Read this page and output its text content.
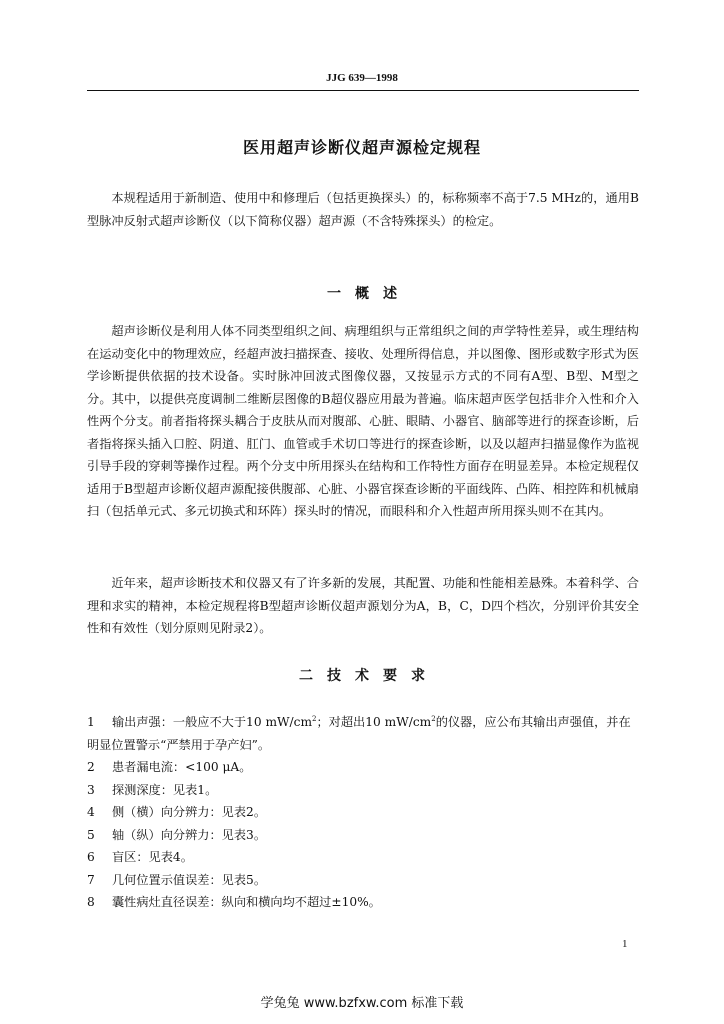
JJG 639—1998
医用超声诊断仪超声源检定规程

本规程适用于新制造、使用中和修理后（包括更换探头）的，标称频率不高于7.5 MHz的，通用B型脉冲反射式超声诊断仪（以下简称仪器）超声源（不含特殊探头）的检定。

一　概　述

超声诊断仪是利用人体不同类型组织之间、病理组织与正常组织之间的声学特性差异，或生理结构在运动变化中的物理效应，经超声波扫描探查、接收、处理所得信息，并以图像、图形或数字形式为医学诊断提供依据的技术设备。实时脉冲回波式图像仪器，又按显示方式的不同有A型、B型、M型之分。其中，以提供亮度调制二维断层图像的B超仪器应用最为普遍。临床超声医学包括非介入性和介入性两个分支。前者指将探头耦合于皮肤从而对腹部、心脏、眼睛、小器官、脑部等进行的探查诊断，后者指将探头插入口腔、阴道、肛门、血管或手术切口等进行的探查诊断，以及以超声扫描显像作为监视引导手段的穿刺等操作过程。两个分支中所用探头在结构和工作特性方面存在明显差异。本检定规程仅适用于B型超声诊断仪超声源配接供腹部、心脏、小器官探查诊断的平面线阵、凸阵、相控阵和机械扇扫（包括单元式、多元切换式和环阵）探头时的情况，而眼科和介入性超声所用探头则不在其内。

近年来，超声诊断技术和仪器又有了许多新的发展，其配置、功能和性能相差悬殊。本着科学、合理和求实的精神，本检定规程将B型超声诊断仪超声源划分为A，B，C，D四个档次，分别评价其安全性和有效性（划分原则见附录2）。

二　技　术　要　求

1 输出声强：一般应不大于10 $mW/cm^2$；对超出10 $mW/cm^2$的仪器，应公布其输出声强值，并在明显位置警示“严禁用于孕产妇”。

2 患者漏电流：<100 μA。

3 探测深度：见表1。

4 侧（横）向分辨力：见表2。

5 轴（纵）向分辨力：见表3。

6 盲区：见表4。

7 几何位置示值误差：见表5。

8 囊性病灶直径误差：纵向和横向均不超过±10%。

1
学兔兔 www.bzfxw.com 标准下载
